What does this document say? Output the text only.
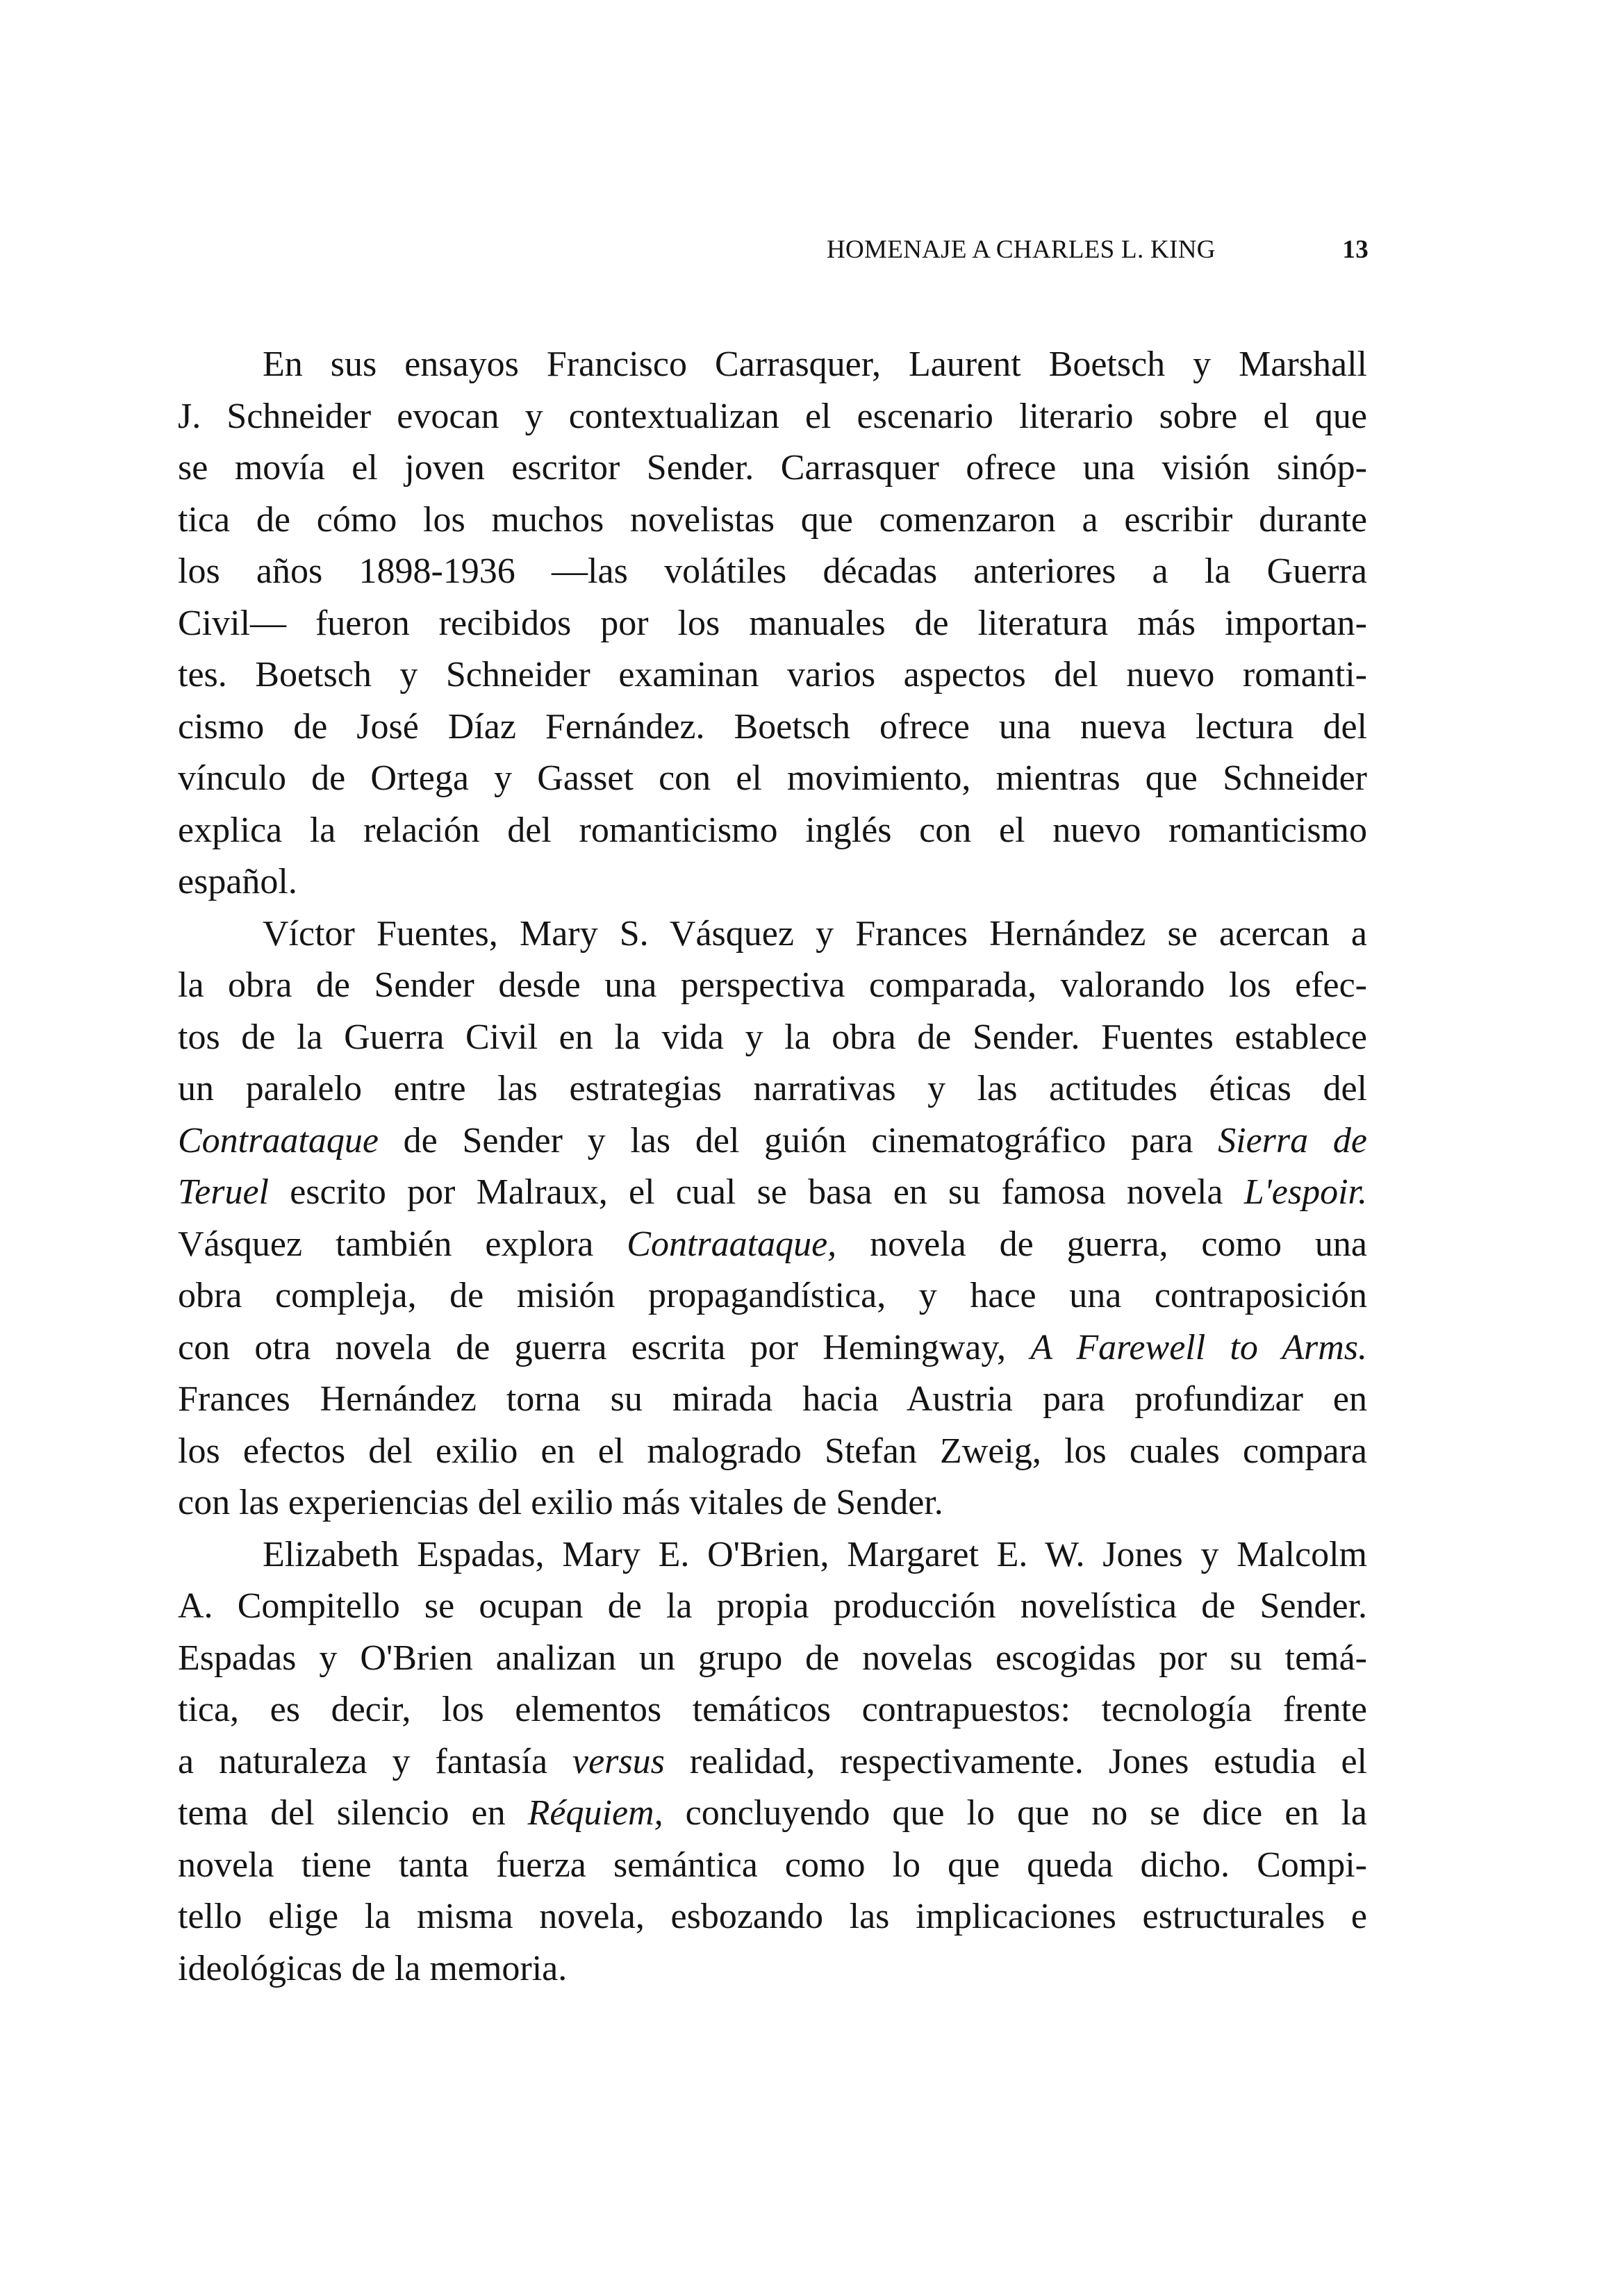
HOMENAJE A CHARLES L. KING	13
En sus ensayos Francisco Carrasquer, Laurent Boetsch y Marshall
J. Schneider evocan y contextualizan el escenario literario sobre el que
se movía el joven escritor Sender. Carrasquer ofrece una visión sinóp-
tica de cómo los muchos novelistas que comenzaron a escribir durante
los años 1898-1936 —las volátiles décadas anteriores a la Guerra
Civil— fueron recibidos por los manuales de literatura más importan-
tes. Boetsch y Schneider examinan varios aspectos del nuevo romanti-
cismo de José Díaz Fernández. Boetsch ofrece una nueva lectura del
vínculo de Ortega y Gasset con el movimiento, mientras que Schneider
explica la relación del romanticismo inglés con el nuevo romanticismo
español.
Víctor Fuentes, Mary S. Vásquez y Frances Hernández se acercan a
la obra de Sender desde una perspectiva comparada, valorando los efec-
tos de la Guerra Civil en la vida y la obra de Sender. Fuentes establece
un paralelo entre las estrategias narrativas y las actitudes éticas del
Contraataque de Sender y las del guión cinematográfico para Sierra de
Teruel escrito por Malraux, el cual se basa en su famosa novela L'espoir.
Vásquez también explora Contraataque, novela de guerra, como una
obra compleja, de misión propagandística, y hace una contraposición
con otra novela de guerra escrita por Hemingway, A Farewell to Arms.
Frances Hernández torna su mirada hacia Austria para profundizar en
los efectos del exilio en el malogrado Stefan Zweig, los cuales compara
con las experiencias del exilio más vitales de Sender.
Elizabeth Espadas, Mary E. O'Brien, Margaret E. W. Jones y Malcolm
A. Compitello se ocupan de la propia producción novelística de Sender.
Espadas y O'Brien analizan un grupo de novelas escogidas por su temá-
tica, es decir, los elementos temáticos contrapuestos: tecnología frente
a naturaleza y fantasía versus realidad, respectivamente. Jones estudia el
tema del silencio en Réquiem, concluyendo que lo que no se dice en la
novela tiene tanta fuerza semántica como lo que queda dicho. Compi-
tello elige la misma novela, esbozando las implicaciones estructurales e
ideológicas de la memoria.
